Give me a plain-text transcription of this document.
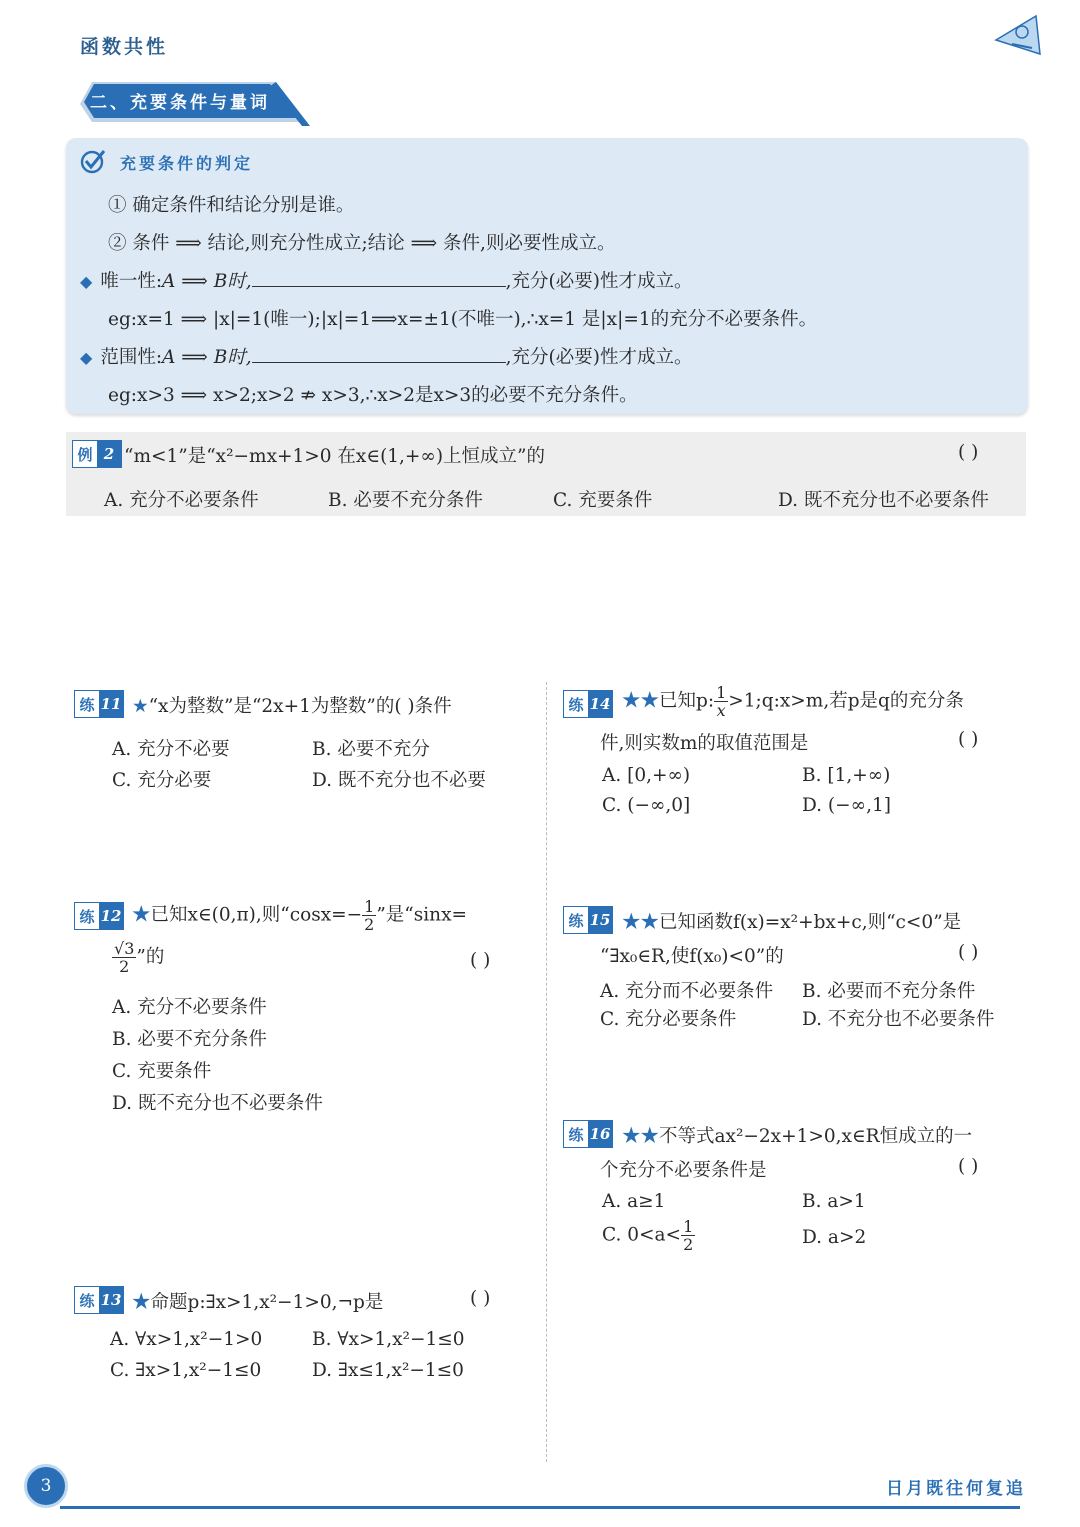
函数共性
二、充要条件与量词
充要条件的判定
① 确定条件和结论分别是谁。
② 条件 ⟹ 结论,则充分性成立;结论 ⟹ 条件,则必要性成立。
◆ 唯一性:A ⟹ B时,	,充分(必要)性才成立。
eg:x=1 ⟹ |x|=1(唯一);|x|=1⟹x=±1(不唯一),∴x=1 是|x|=1的充分不必要条件。
◆ 范围性:A ⟹ B时,	,充分(必要)性才成立。
eg:x>3 ⟹ x>2;x>2 ⇏ x>3,∴x>2是x>3的必要不充分条件。
例 2 “m<1”是“x²−mx+1>0 在x∈(1,+∞)上恒成立”的	( )
A. 充分不必要条件	B. 必要不充分条件	C. 充要条件	D. 既不充分也不必要条件
练 11 ★“x为整数”是“2x+1为整数”的( )条件
A. 充分不必要	B. 必要不充分
C. 充分必要	D. 既不充分也不必要
练 12 ★已知x∈(0,π),则“$\cos x=- \frac{1}{2}$ ”是“sinx=
$\frac{√3}{2}$ ”的	( )
A. 充分不必要条件
B. 必要不充分条件
C. 充要条件
D. 既不充分也不必要条件
练 13 ★命题p:∃x>1,x²−1>0,¬p是	( )
A. ∀x>1,x²−1>0	B. ∀x>1,x²−1≤0
C. ∃x>1,x²−1≤0	D. ∃x≤1,x²−1≤0
练 14 ★★已知p: $\frac{1}{x}$ >1;q:x>m,若p是q的充分条
件,则实数m的取值范围是	( )
A. [0,+∞)	B. [1,+∞)
C. (−∞,0]	D. (−∞,1]
练 15 ★★已知函数f(x)=x²+bx+c,则“c<0”是
“∃x₀∈R,使f(x₀)<0”的	( )
A. 充分而不必要条件 B. 必要而不充分条件
C. 充分必要条件	D. 不充分也不必要条件
练 16 ★★不等式ax²−2x+1>0,x∈R恒成立的一
个充分不必要条件是	( )
A. a≥1	B. a>1
C. $0<a< \frac{1}{2}$	D. a>2
3	日月既往何复追
